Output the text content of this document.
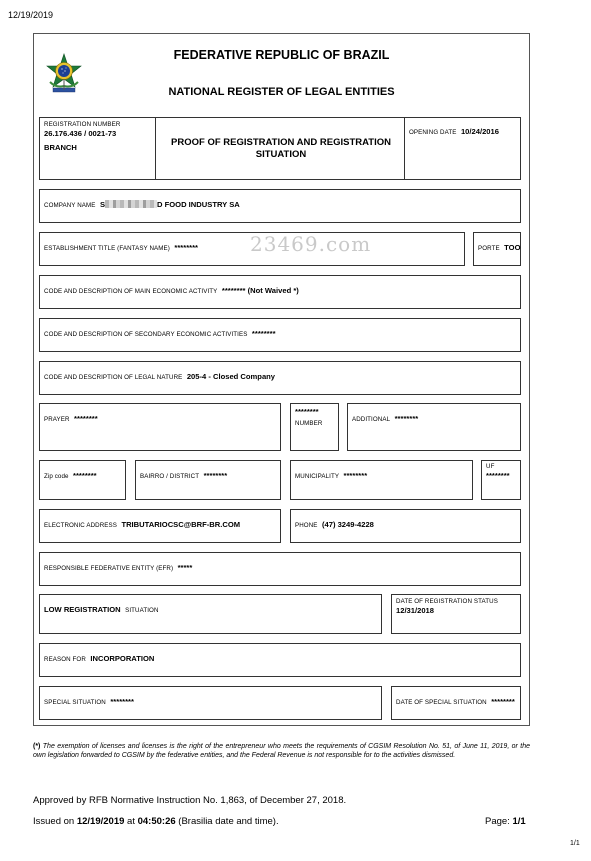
12/19/2019
FEDERATIVE REPUBLIC OF BRAZIL
NATIONAL REGISTER OF LEGAL ENTITIES
REGISTRATION NUMBER
26.176.436 / 0021-73
BRANCH	PROOF OF REGISTRATION AND REGISTRATION SITUATION
OPENING DATE 10/24/2016
COMPANY NAME S	D FOOD INDUSTRY SA
ESTABLISHMENT TITLE (FANTASY NAME) ********	23469.com	PORTE TOO
CODE AND DESCRIPTION OF MAIN ECONOMIC ACTIVITY ******** (Not Waived *)
CODE AND DESCRIPTION OF SECONDARY ECONOMIC ACTIVITIES ********
CODE AND DESCRIPTION OF LEGAL NATURE 205-4 - Closed Company
PRAYER ********
********
NUMBER
ADDITIONAL ********
Zip code ********	BAIRRO / DISTRICT ********	MUNICIPALITY ********
UF
********
ELECTRONIC ADDRESS TRIBUTARIOCSC@BRF-BR.COM	PHONE (47) 3249-4228
RESPONSIBLE FEDERATIVE ENTITY (EFR) *****
LOW REGISTRATION SITUATION
DATE OF REGISTRATION STATUS
12/31/2018
REASON FOR INCORPORATION
SPECIAL SITUATION ********	DATE OF SPECIAL SITUATION ********
(*) The exemption of licenses and licenses is the right of the entrepreneur who meets the requirements of CGSIM Resolution No. 51, of June 11, 2019, or the own legislation forwarded to CGSIM by the federative entities, and the Federal Revenue is not responsible for to the activities dismissed.
Approved by RFB Normative Instruction No. 1,863, of December 27, 2018.
Issued on 12/19/2019 at 04:50:26 (Brasilia date and time).	Page: 1/1
1/1
